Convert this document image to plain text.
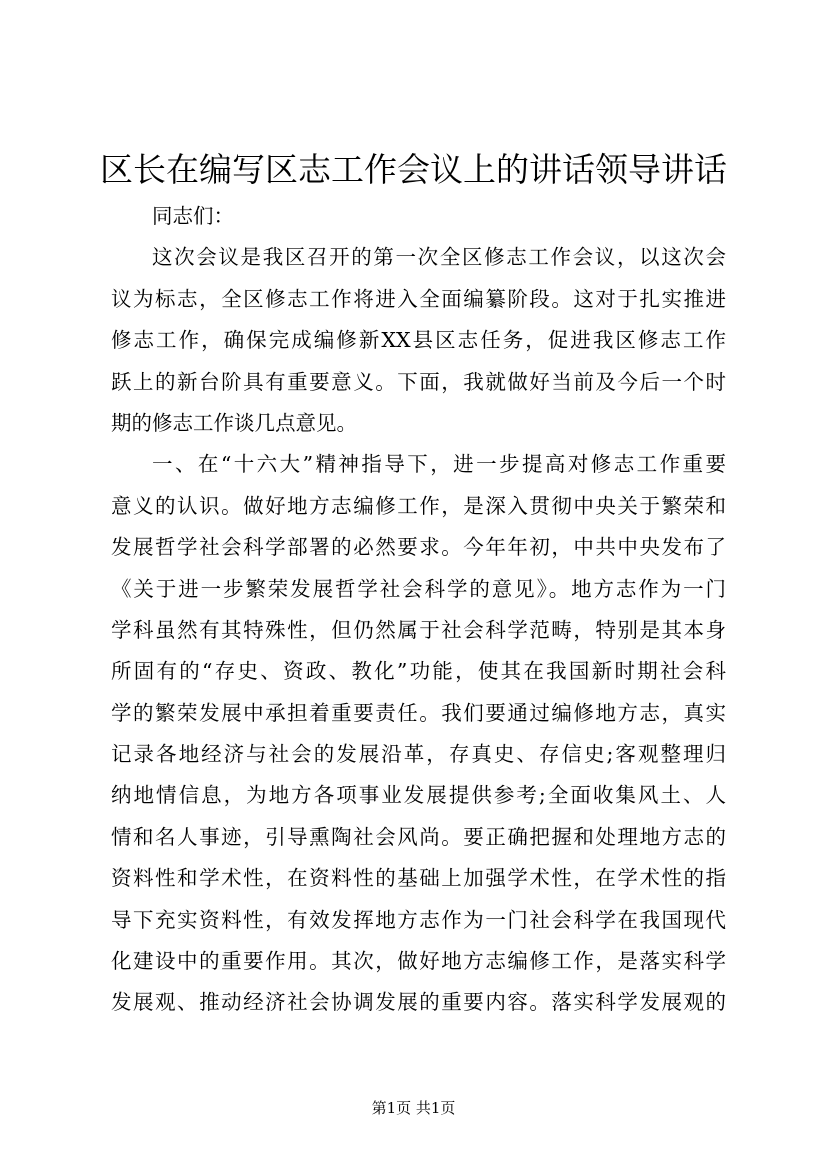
区长在编写区志工作会议上的讲话领导讲话
同志们：
这次会议是我区召开的第一次全区修志工作会议，以这次会
议为标志，全区修志工作将进入全面编纂阶段。这对于扎实推进
修志工作，确保完成编修新XX县区志任务，促进我区修志工作
跃上的新台阶具有重要意义。下面，我就做好当前及今后一个时
期的修志工作谈几点意见。
一、在“十六大”精神指导下，进一步提高对修志工作重要
意义的认识。做好地方志编修工作，是深入贯彻中央关于繁荣和
发展哲学社会科学部署的必然要求。今年年初，中共中央发布了
《关于进一步繁荣发展哲学社会科学的意见》。地方志作为一门
学科虽然有其特殊性，但仍然属于社会科学范畴，特别是其本身
所固有的“存史、资政、教化”功能，使其在我国新时期社会科
学的繁荣发展中承担着重要责任。我们要通过编修地方志，真实
记录各地经济与社会的发展沿革，存真史、存信史;客观整理归
纳地情信息，为地方各项事业发展提供参考;全面收集风土、人
情和名人事迹，引导熏陶社会风尚。要正确把握和处理地方志的
资料性和学术性，在资料性的基础上加强学术性，在学术性的指
导下充实资料性，有效发挥地方志作为一门社会科学在我国现代
化建设中的重要作用。其次，做好地方志编修工作，是落实科学
发展观、推动经济社会协调发展的重要内容。落实科学发展观的
第1页 共1页
